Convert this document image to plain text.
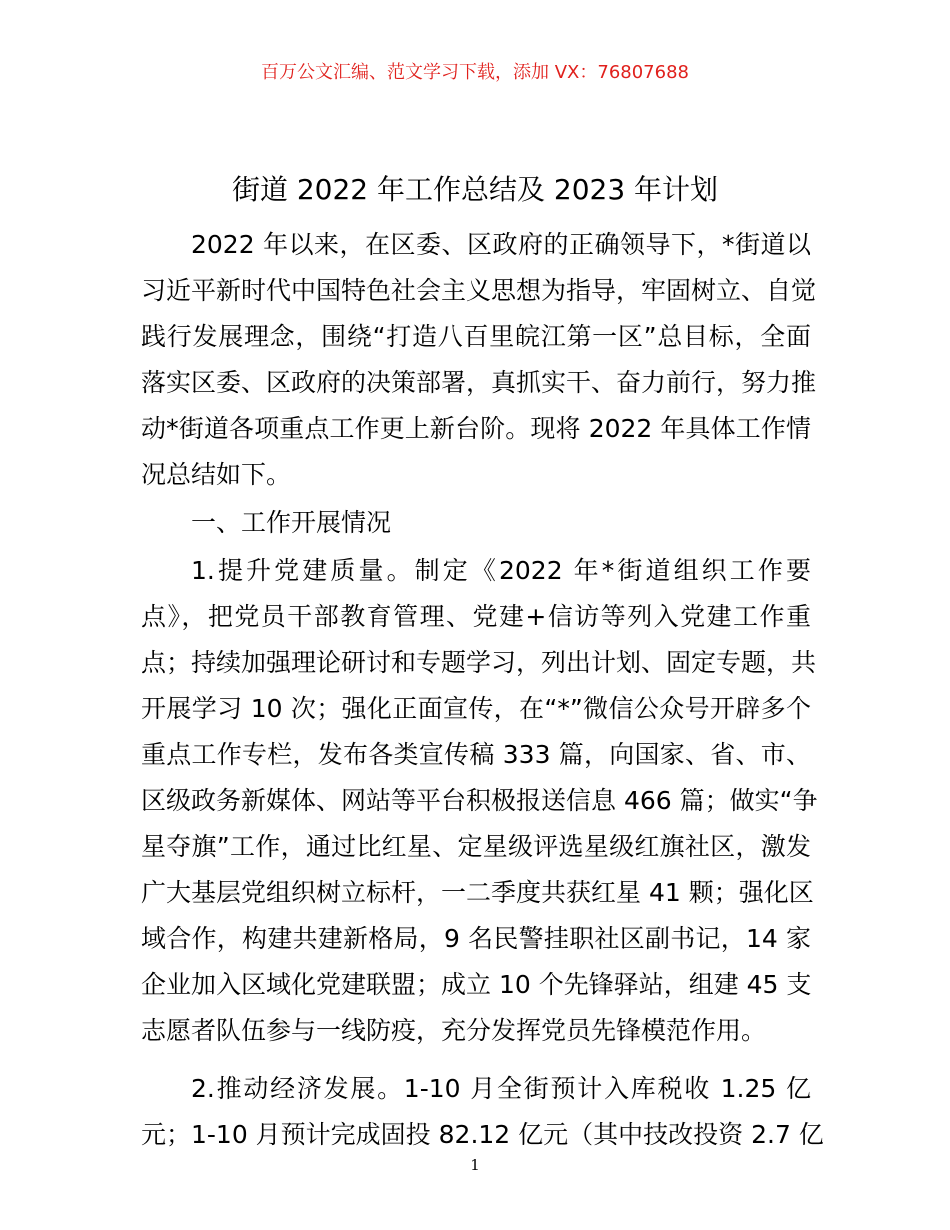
百万公文汇编、范文学习下载，添加 VX：76807688
街道 2022 年工作总结及 2023 年计划
2022 年以来，在区委、区政府的正确领导下，*街道以
习近平新时代中国特色社会主义思想为指导，牢固树立、自觉
践行发展理念，围绕“打造八百里皖江第一区”总目标，全面
落实区委、区政府的决策部署，真抓实干、奋力前行，努力推
动*街道各项重点工作更上新台阶。现将 2022 年具体工作情
况总结如下。
一、工作开展情况
1.提升党建质量。制定《2022 年*街道组织工作要
点》，把党员干部教育管理、党建+信访等列入党建工作重
点；持续加强理论研讨和专题学习，列出计划、固定专题，共
开展学习 10 次；强化正面宣传，在“*”微信公众号开辟多个
重点工作专栏，发布各类宣传稿 333 篇，向国家、省、市、
区级政务新媒体、网站等平台积极报送信息 466 篇；做实“争
星夺旗”工作，通过比红星、定星级评选星级红旗社区，激发
广大基层党组织树立标杆，一二季度共获红星 41 颗；强化区
域合作，构建共建新格局，9 名民警挂职社区副书记，14 家
企业加入区域化党建联盟；成立 10 个先锋驿站，组建 45 支
志愿者队伍参与一线防疫，充分发挥党员先锋模范作用。
2.推动经济发展。1-10 月全街预计入库税收 1.25 亿
元；1-10 月预计完成固投 82.12 亿元（其中技改投资 2.7 亿
1
